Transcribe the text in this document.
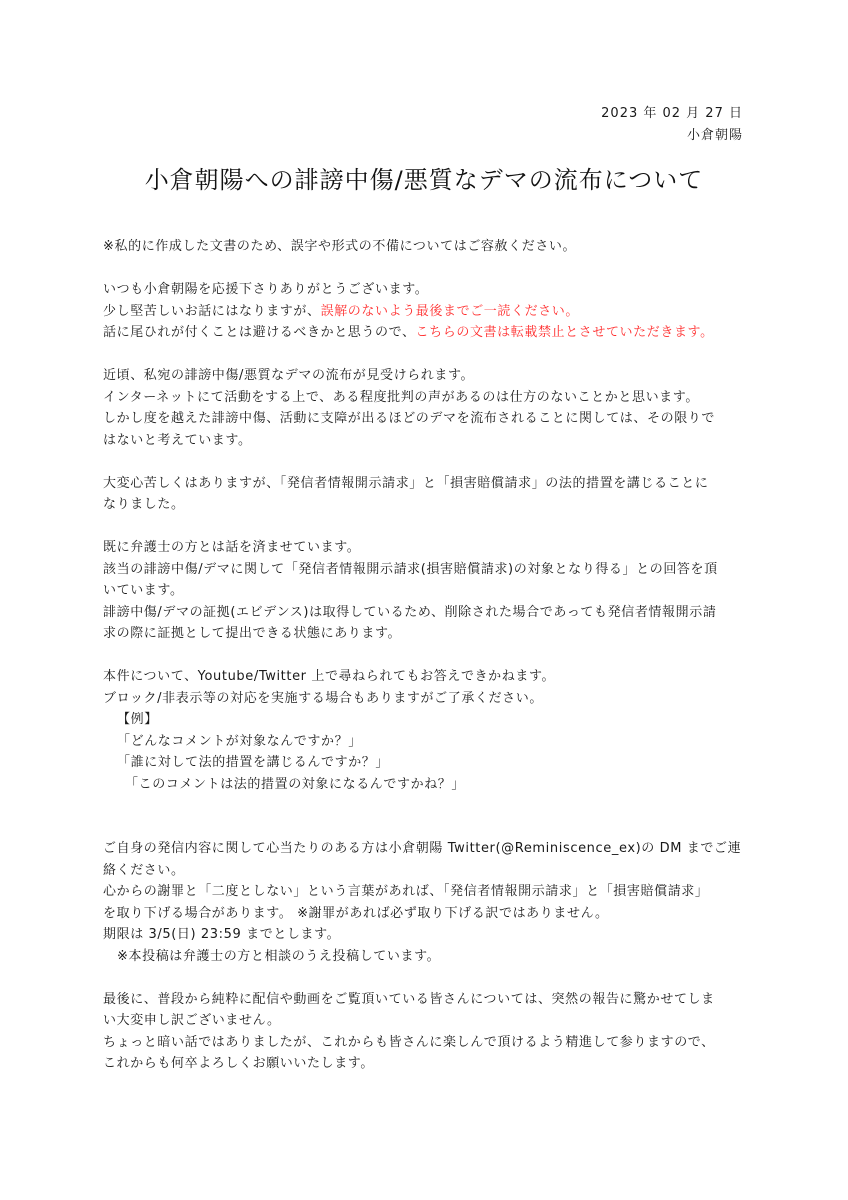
2023 年 02 月 27 日
小倉朝陽
小倉朝陽への誹謗中傷/悪質なデマの流布について

※私的に作成した文書のため、誤字や形式の不備についてはご容赦ください。

いつも小倉朝陽を応援下さりありがとうございます。

少し堅苦しいお話にはなりますが、誤解のないよう最後までご一読ください。

話に尾ひれが付くことは避けるべきかと思うので、こちらの文書は転載禁止とさせていただきます。

近頃、私宛の誹謗中傷/悪質なデマの流布が見受けられます。

インターネットにて活動をする上で、ある程度批判の声があるのは仕方のないことかと思います。

しかし度を越えた誹謗中傷、活動に支障が出るほどのデマを流布されることに関しては、その限りで

はないと考えています。

大変心苦しくはありますが、「発信者情報開示請求」と「損害賠償請求」の法的措置を講じることに

なりました。

既に弁護士の方とは話を済ませています。

該当の誹謗中傷/デマに関して「発信者情報開示請求(損害賠償請求)の対象となり得る」との回答を頂

いています。

誹謗中傷/デマの証拠(エビデンス)は取得しているため、削除された場合であっても発信者情報開示請

求の際に証拠として提出できる状態にあります。

本件について、Youtube/Twitter 上で尋ねられてもお答えできかねます。

ブロック/非表示等の対応を実施する場合もありますがご了承ください。

【例】

「どんなコメントが対象なんですか？」

「誰に対して法的措置を講じるんですか？」

「このコメントは法的措置の対象になるんですかね？」

ご自身の発信内容に関して心当たりのある方は小倉朝陽 Twitter(@Reminiscence_ex)の DM までご連

絡ください。

心からの謝罪と「二度としない」という言葉があれば、「発信者情報開示請求」と「損害賠償請求」

を取り下げる場合があります。 ※謝罪があれば必ず取り下げる訳ではありません。

期限は 3/5(日) 23:59 までとします。

※本投稿は弁護士の方と相談のうえ投稿しています。

最後に、普段から純粋に配信や動画をご覧頂いている皆さんについては、突然の報告に驚かせてしま

い大変申し訳ございません。

ちょっと暗い話ではありましたが、これからも皆さんに楽しんで頂けるよう精進して参りますので、

これからも何卒よろしくお願いいたします。
